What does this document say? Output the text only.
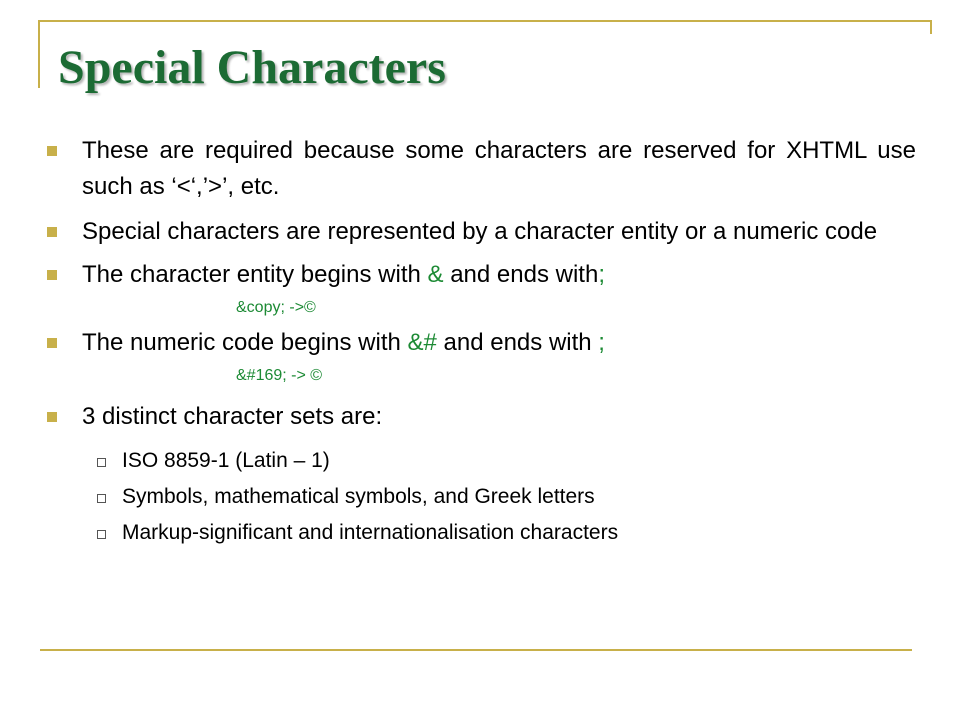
Special Characters
These are required because some characters are reserved for XHTML use such as ‘<‘,’>’, etc.
Special characters are represented by a character entity or a numeric code
The character entity begins with & and ends with;
&copy; ->©
The numeric code begins with &# and ends with ;
&#169; -> ©
3 distinct character sets are:
ISO 8859-1 (Latin – 1)
Symbols, mathematical symbols, and Greek letters
Markup-significant and internationalisation characters
